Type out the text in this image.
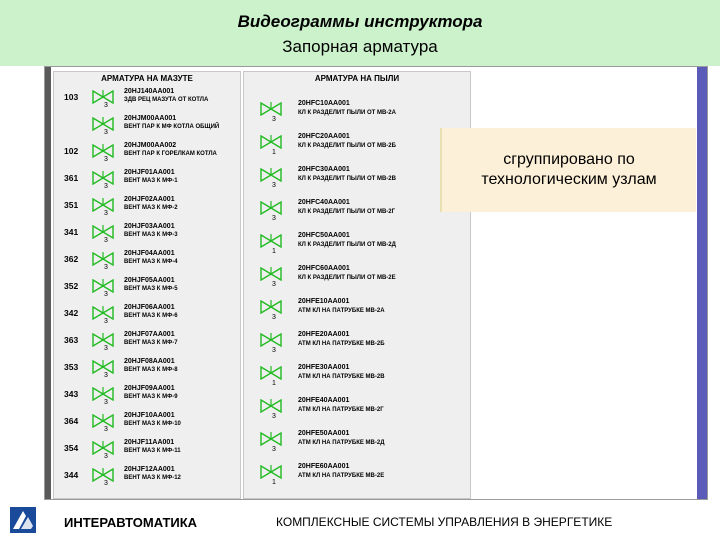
Видеограммы инструктора
Запорная арматура
АРМАТУРА НА МАЗУТЕ
103
3
20HJ140AA001
ЗДВ РЕЦ МАЗУТА ОТ КОТЛА
3
20HJM00AA001
ВЕНТ ПАР К МФ КОТЛА ОБЩИЙ
102
3
20HJM00AA002
ВЕНТ ПАР К ГОРЕЛКАМ КОТЛА
361
3
20HJF01AA001
ВЕНТ МАЗ К МФ-1
351
3
20HJF02AA001
ВЕНТ МАЗ К МФ-2
341
3
20HJF03AA001
ВЕНТ МАЗ К МФ-3
362
3
20HJF04AA001
ВЕНТ МАЗ К МФ-4
352
3
20HJF05AA001
ВЕНТ МАЗ К МФ-5
342
3
20HJF06AA001
ВЕНТ МАЗ К МФ-6
363
3
20HJF07AA001
ВЕНТ МАЗ К МФ-7
353
3
20HJF08AA001
ВЕНТ МАЗ К МФ-8
343
3
20HJF09AA001
ВЕНТ МАЗ К МФ-9
364
3
20HJF10AA001
ВЕНТ МАЗ К МФ-10
354
3
20HJF11AA001
ВЕНТ МАЗ К МФ-11
344
3
20HJF12AA001
ВЕНТ МАЗ К МФ-12
АРМАТУРА НА ПЫЛИ
3
20HFC10AA001
КЛ К РАЗДЕЛИТ ПЫЛИ ОТ МВ-2А
1
20HFC20AA001
КЛ К РАЗДЕЛИТ ПЫЛИ ОТ МВ-2Б
3
20HFC30AA001
КЛ К РАЗДЕЛИТ ПЫЛИ ОТ МВ-2В
3
20HFC40AA001
КЛ К РАЗДЕЛИТ ПЫЛИ ОТ МВ-2Г
1
20HFC50AA001
КЛ К РАЗДЕЛИТ ПЫЛИ ОТ МВ-2Д
3
20HFC60AA001
КЛ К РАЗДЕЛИТ ПЫЛИ ОТ МВ-2Е
3
20HFE10AA001
АТМ КЛ НА ПАТРУБКЕ МВ-2А
3
20HFE20AA001
АТМ КЛ НА ПАТРУБКЕ МВ-2Б
1
20HFE30AA001
АТМ КЛ НА ПАТРУБКЕ МВ-2В
3
20HFE40AA001
АТМ КЛ НА ПАТРУБКЕ МВ-2Г
3
20HFE50AA001
АТМ КЛ НА ПАТРУБКЕ МВ-2Д
1
20HFE60AA001
АТМ КЛ НА ПАТРУБКЕ МВ-2Е
сгруппировано по
технологическим узлам
ИНТЕРАВТОМАТИКА	КОМПЛЕКСНЫЕ СИСТЕМЫ УПРАВЛЕНИЯ В ЭНЕРГЕТИКЕ
